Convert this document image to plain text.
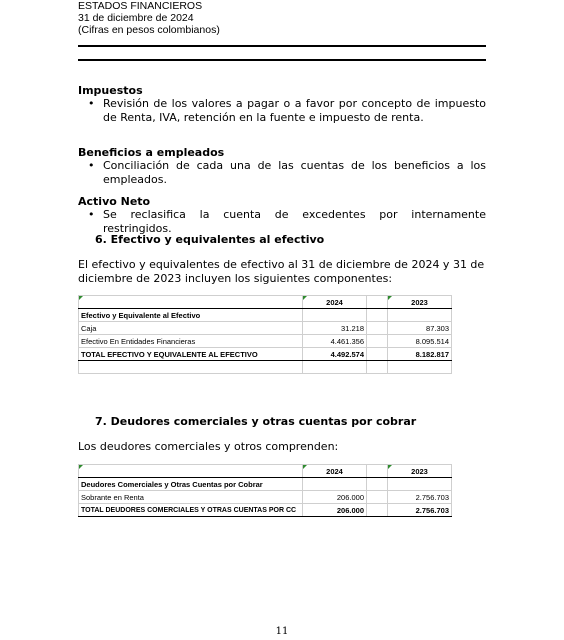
ESTADOS FINANCIEROS
31 de diciembre de 2024
(Cifras en pesos colombianos)
Impuestos
• Revisión de los valores a pagar o a favor por concepto de impuesto de Renta, IVA, retención en la fuente e impuesto de renta.
Beneficios a empleados
• Conciliación de cada una de las cuentas de los beneficios a los empleados.
Activo Neto
• Se reclasifica la cuenta de excedentes por internamente restringidos.
6. Efectivo y equivalentes al efectivo
El efectivo y equivalentes de efectivo al 31 de diciembre de 2024 y 31 de diciembre de 2023 incluyen los siguientes componentes:
	2024		2023
Efectivo y Equivalente al Efectivo			
Caja	31.218		87.303
Efectivo En Entidades Financieras	4.461.356		8.095.514
TOTAL EFECTIVO Y EQUIVALENTE AL EFECTIVO	4.492.574		8.182.817

7. Deudores comerciales y otras cuentas por cobrar
Los deudores comerciales y otros comprenden:
	2024		2023
Deudores Comerciales y Otras Cuentas por Cobrar			
Sobrante en Renta	206.000		2.756.703
TOTAL DEUDORES COMERCIALES Y OTRAS CUENTAS POR CC	206.000		2.756.703
11
